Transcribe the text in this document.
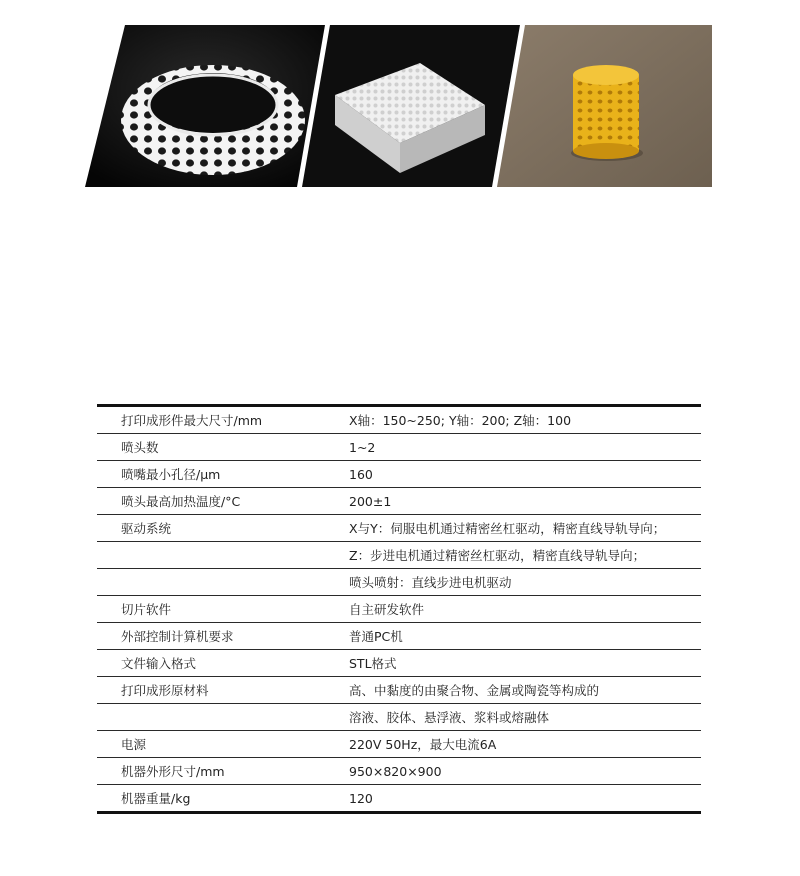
打印成形件最大尺寸/mm	X轴：150~250; Y轴：200; Z轴：100
喷头数	1~2
喷嘴最小孔径/μm	160
喷头最高加热温度/°C	200±1
驱动系统	X与Y：伺服电机通过精密丝杠驱动，精密直线导轨导向；
	Z：步进电机通过精密丝杠驱动，精密直线导轨导向；
	喷头喷射：直线步进电机驱动
切片软件	自主研发软件
外部控制计算机要求	普通PC机
文件输入格式	STL格式
打印成形原材料	高、中黏度的由聚合物、金属或陶瓷等构成的
	溶液、胶体、悬浮液、浆料或熔融体
电源	220V 50Hz，最大电流6A
机器外形尺寸/mm	950×820×900
机器重量/kg	120
